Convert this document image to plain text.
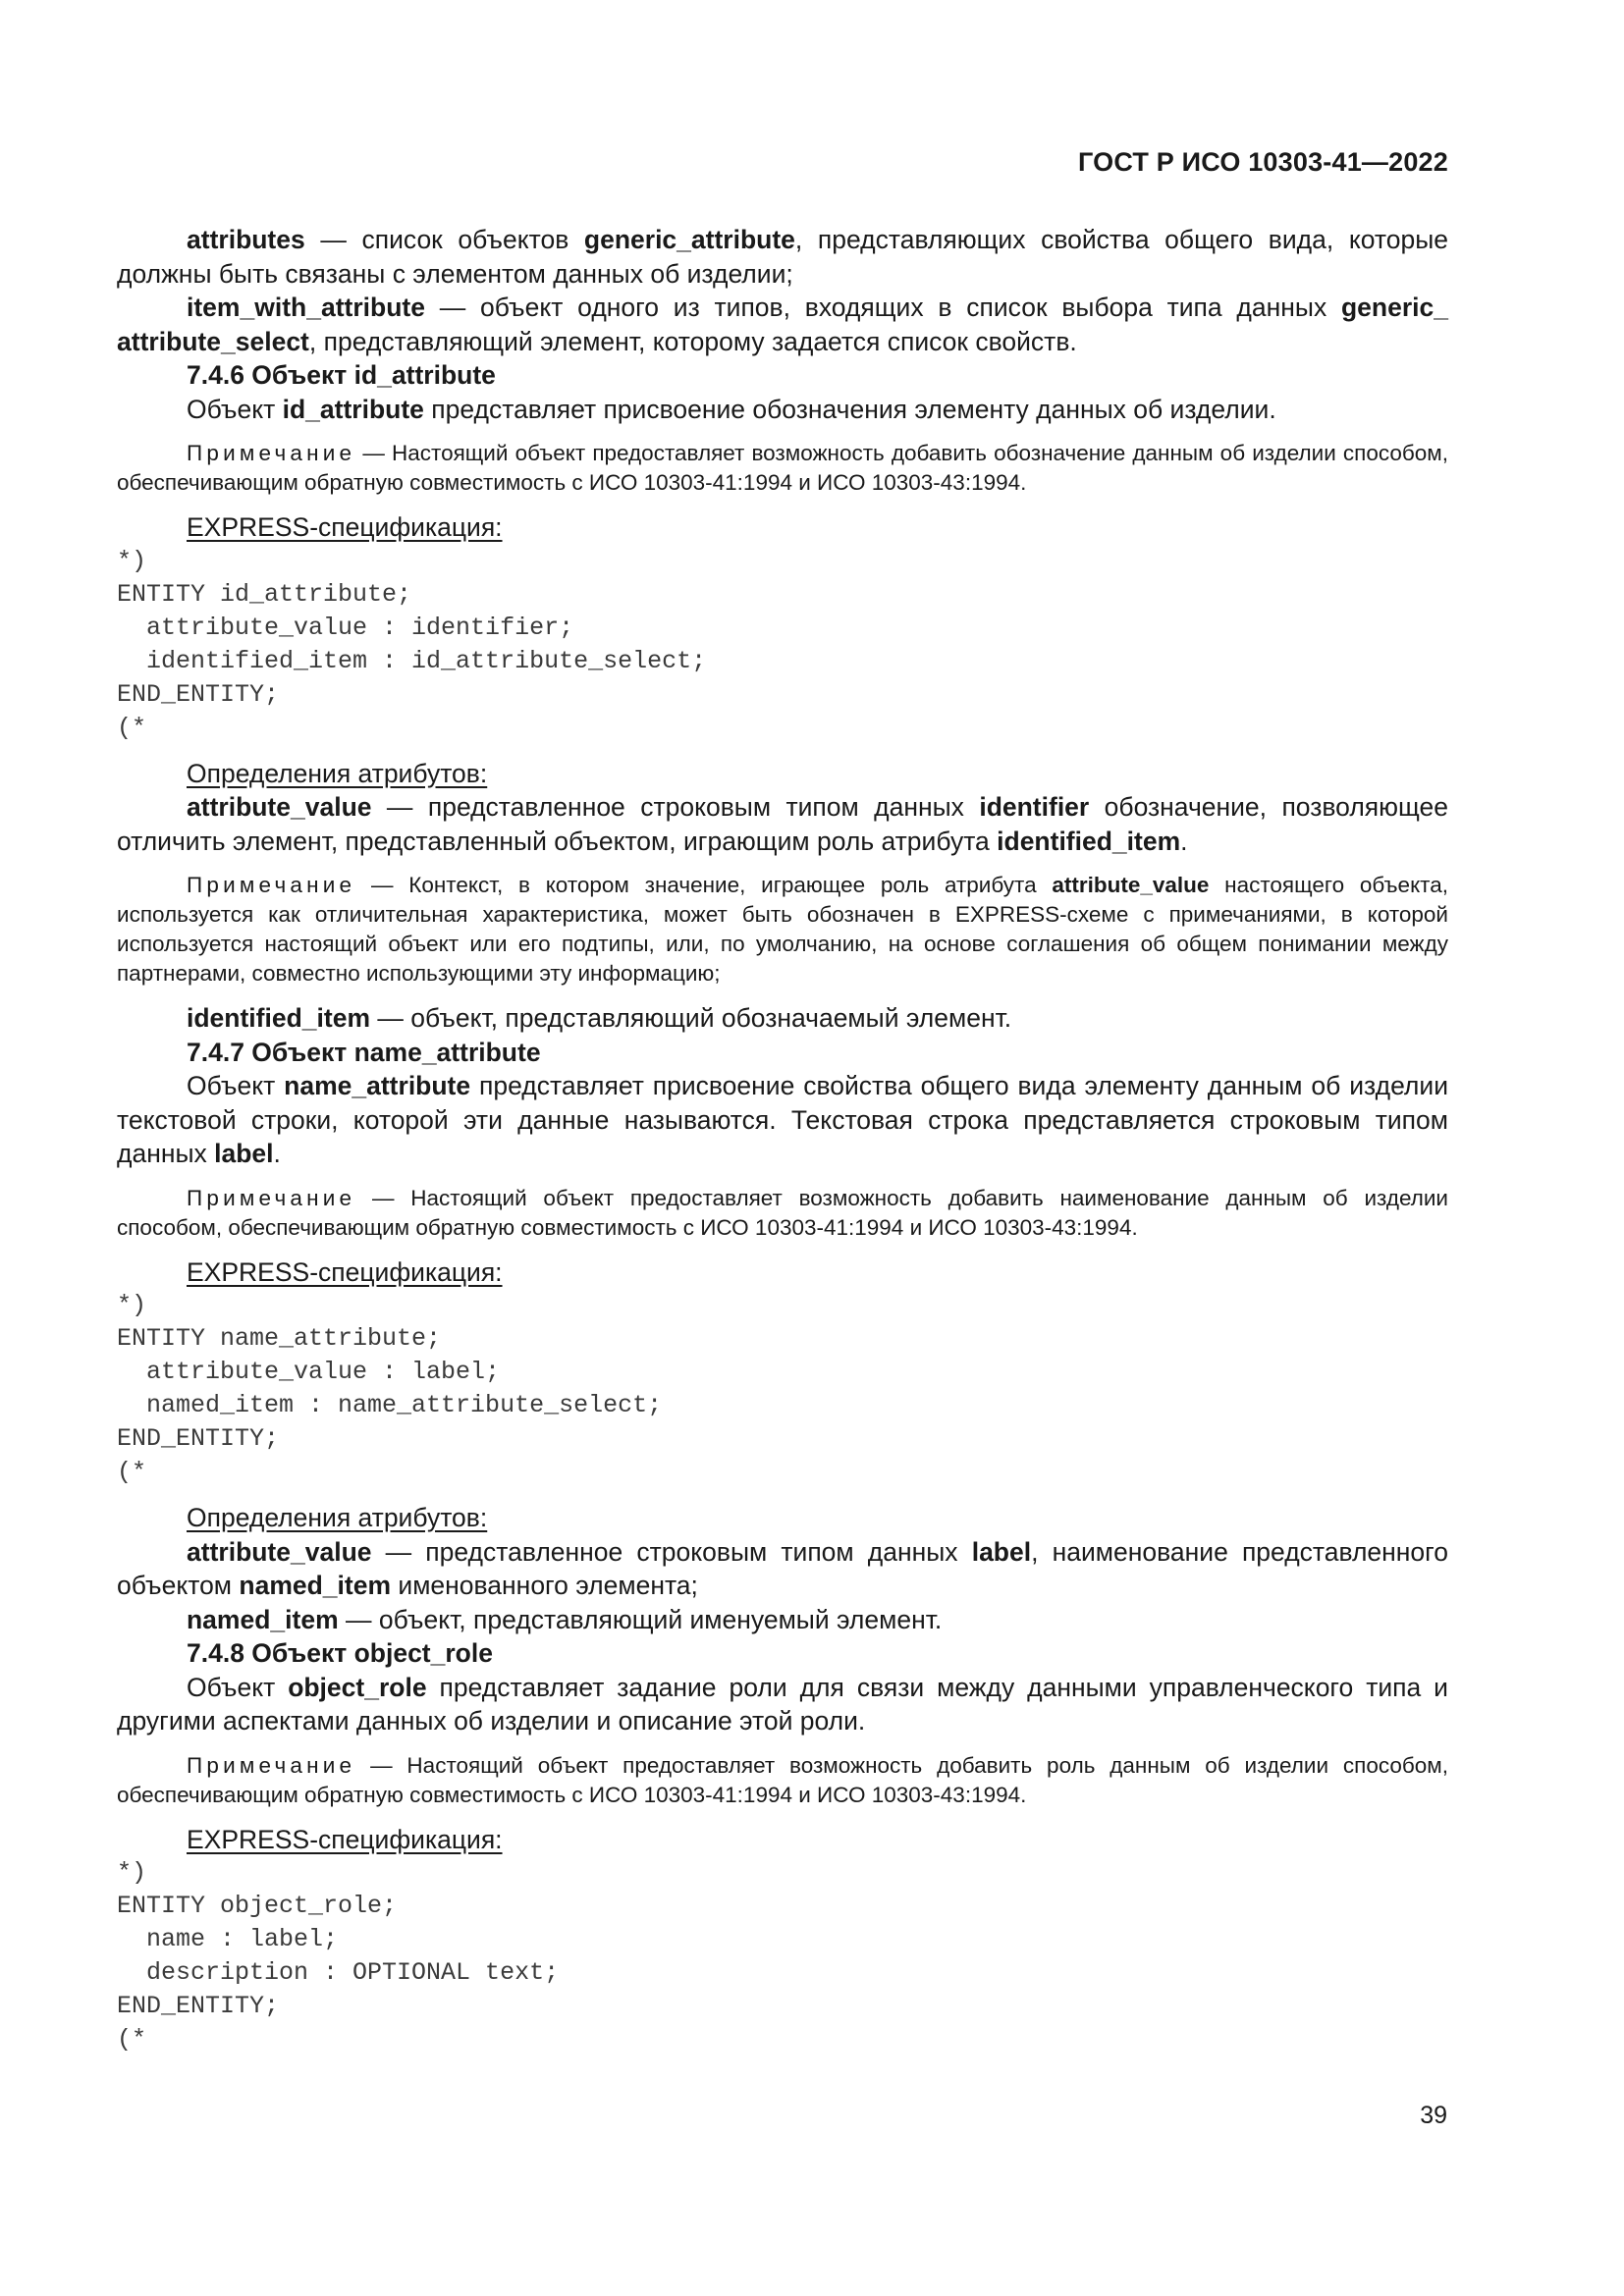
ГОСТ Р ИСО 10303-41—2022

attributes — список объектов generic_attribute, представляющих свойства общего вида, которые должны быть связаны с элементом данных об изделии;

item_with_attribute — объект одного из типов, входящих в список выбора типа данных generic_ attribute_select, представляющий элемент, которому задается список свойств.

7.4.6 Объект id_attribute

Объект id_attribute представляет присвоение обозначения элементу данных об изделии.

Примечание — Настоящий объект предоставляет возможность добавить обозначение данным об изделии способом, обеспечивающим обратную совместимость с ИСО 10303-41:1994 и ИСО 10303-43:1994.

EXPRESS-спецификация:

*)
ENTITY id_attribute;
attribute_value : identifier;
identified_item : id_attribute_select;
END_ENTITY;
(*

Определения атрибутов:

attribute_value — представленное строковым типом данных identifier обозначение, позволяющее отличить элемент, представленный объектом, играющим роль атрибута identified_item.

Примечание — Контекст, в котором значение, играющее роль атрибута attribute_value настоящего объекта, используется как отличительная характеристика, может быть обозначен в EXPRESS-схеме с примечаниями, в которой используется настоящий объект или его подтипы, или, по умолчанию, на основе соглашения об общем понимании между партнерами, совместно использующими эту информацию;

identified_item — объект, представляющий обозначаемый элемент.

7.4.7 Объект name_attribute

Объект name_attribute представляет присвоение свойства общего вида элементу данным об изделии текстовой строки, которой эти данные называются. Текстовая строка представляется строковым типом данных label.

Примечание — Настоящий объект предоставляет возможность добавить наименование данным об изделии способом, обеспечивающим обратную совместимость с ИСО 10303-41:1994 и ИСО 10303-43:1994.

EXPRESS-спецификация:

*)
ENTITY name_attribute;
attribute_value : label;
named_item : name_attribute_select;
END_ENTITY;
(*

Определения атрибутов:

attribute_value — представленное строковым типом данных label, наименование представленного объектом named_item именованного элемента;

named_item — объект, представляющий именуемый элемент.

7.4.8 Объект object_role

Объект object_role представляет задание роли для связи между данными управленческого типа и другими аспектами данных об изделии и описание этой роли.

Примечание — Настоящий объект предоставляет возможность добавить роль данным об изделии способом, обеспечивающим обратную совместимость с ИСО 10303-41:1994 и ИСО 10303-43:1994.

EXPRESS-спецификация:

*)
ENTITY object_role;
name : label;
description : OPTIONAL text;
END_ENTITY;
(*
39
